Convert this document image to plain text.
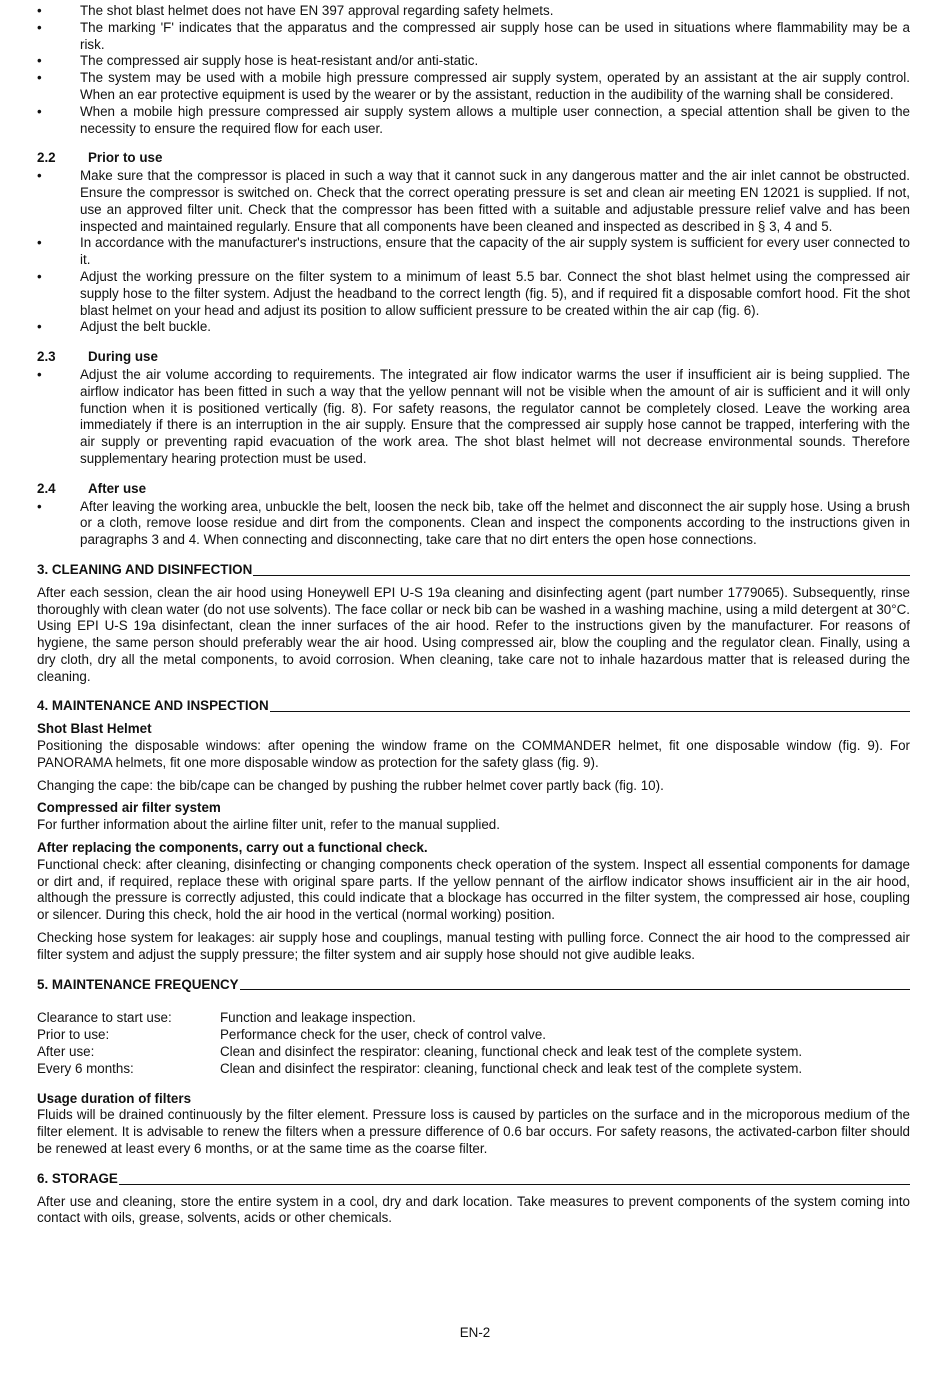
•	The shot blast helmet does not have EN 397 approval regarding safety helmets.
•	The marking 'F' indicates that the apparatus and the compressed air supply hose can be used in situations where flammability may be a risk.
•	The compressed air supply hose is heat-resistant and/or anti-static.
•	The system may be used with a mobile high pressure compressed air supply system, operated by an assistant at the air supply control. When an ear protective equipment is used by the wearer or by the assistant, reduction in the audibility of the warning shall be considered.
•	When a mobile high pressure compressed air supply system allows a multiple user connection, a special attention shall be given to the necessity to ensure the required flow for each user.
2.2 Prior to use
•	Make sure that the compressor is placed in such a way that it cannot suck in any dangerous matter and the air inlet cannot be obstructed. Ensure the compressor is switched on. Check that the correct operating pressure is set and clean air meeting EN 12021 is supplied. If not, use an approved filter unit. Check that the compressor has been fitted with a suitable and adjustable pressure relief valve and has been inspected and maintained regularly. Ensure that all components have been cleaned and inspected as described in § 3, 4 and 5.
•	In accordance with the manufacturer's instructions, ensure that the capacity of the air supply system is sufficient for every user connected to it.
•	Adjust the working pressure on the filter system to a minimum of least 5.5 bar. Connect the shot blast helmet using the compressed air supply hose to the filter system. Adjust the headband to the correct length (fig. 5), and if required fit a disposable comfort hood. Fit the shot blast helmet on your head and adjust its position to allow sufficient pressure to be created within the air cap (fig. 6).
•	Adjust the belt buckle.
2.3 During use
•	Adjust the air volume according to requirements. The integrated air flow indicator warms the user if insufficient air is being supplied. The airflow indicator has been fitted in such a way that the yellow pennant will not be visible when the amount of air is sufficient and it will only function when it is positioned vertically (fig. 8). For safety reasons, the regulator cannot be completely closed. Leave the working area immediately if there is an interruption in the air supply. Ensure that the compressed air supply hose cannot be trapped, interfering with the air supply or preventing rapid evacuation of the work area. The shot blast helmet will not decrease environmental sounds. Therefore supplementary hearing protection must be used.
2.4 After use
•	After leaving the working area, unbuckle the belt, loosen the neck bib, take off the helmet and disconnect the air supply hose. Using a brush or a cloth, remove loose residue and dirt from the components. Clean and inspect the components according to the instructions given in paragraphs 3 and 4. When connecting and disconnecting, take care that no dirt enters the open hose connections.
3. CLEANING AND DISINFECTION

After each session, clean the air hood using Honeywell EPI U-S 19a cleaning and disinfecting agent (part number 1779065). Subsequently, rinse thoroughly with clean water (do not use solvents). The face collar or neck bib can be washed in a washing machine, using a mild detergent at 30°C. Using EPI U-S 19a disinfectant, clean the inner surfaces of the air hood. Refer to the instructions given by the manufacturer. For reasons of hygiene, the same person should preferably wear the air hood. Using compressed air, blow the coupling and the regulator clean. Finally, using a dry cloth, dry all the metal components, to avoid corrosion. When cleaning, take care not to inhale hazardous matter that is released during the cleaning.

4. MAINTENANCE AND INSPECTION
Shot Blast Helmet

Positioning the disposable windows: after opening the window frame on the COMMANDER helmet, fit one disposable window (fig. 9). For PANORAMA helmets, fit one more disposable window as protection for the safety glass (fig. 9).

Changing the cape: the bib/cape can be changed by pushing the rubber helmet cover partly back (fig. 10).

Compressed air filter system

For further information about the airline filter unit, refer to the manual supplied.

After replacing the components, carry out a functional check.

Functional check: after cleaning, disinfecting or changing components check operation of the system. Inspect all essential components for damage or dirt and, if required, replace these with original spare parts. If the yellow pennant of the airflow indicator shows insufficient air in the air hood, although the pressure is correctly adjusted, this could indicate that a blockage has occurred in the filter system, the compressed air hose, coupling or silencer. During this check, hold the air hood in the vertical (normal working) position.

Checking hose system for leakages: air supply hose and couplings, manual testing with pulling force. Connect the air hood to the compressed air filter system and adjust the supply pressure; the filter system and air supply hose should not give audible leaks.

5. MAINTENANCE FREQUENCY
Clearance to start use:	Function and leakage inspection.
Prior to use:	Performance check for the user, check of control valve.
After use:	Clean and disinfect the respirator: cleaning, functional check and leak test of the complete system.
Every 6 months:	Clean and disinfect the respirator: cleaning, functional check and leak test of the complete system.
Usage duration of filters

Fluids will be drained continuously by the filter element. Pressure loss is caused by particles on the surface and in the microporous medium of the filter element. It is advisable to renew the filters when a pressure difference of 0.6 bar occurs. For safety reasons, the activated-carbon filter should be renewed at least every 6 months, or at the same time as the coarse filter.

6. STORAGE

After use and cleaning, store the entire system in a cool, dry and dark location. Take measures to prevent components of the system coming into contact with oils, grease, solvents, acids or other chemicals.

EN-2
